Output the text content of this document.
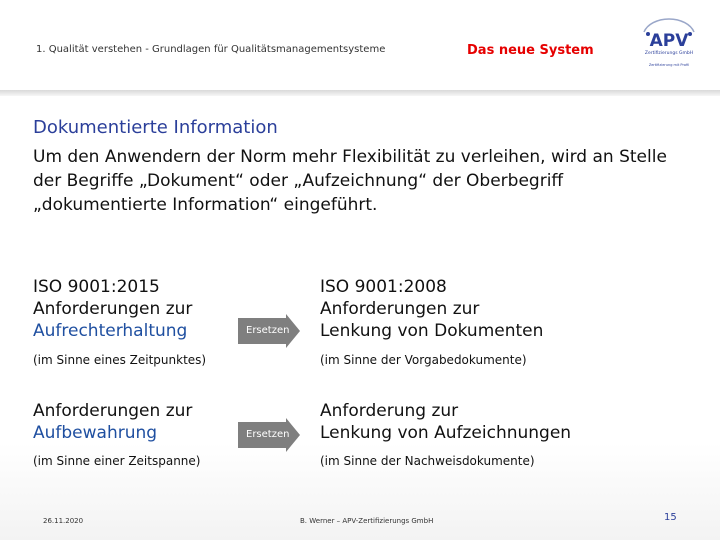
1. Qualität verstehen - Grundlagen für Qualitätsmanagementsysteme	Das neue System	APV
Zertifizierungs GmbH
Zertifizierung mit Profil
Dokumentierte Information
Um den Anwendern der Norm mehr Flexibilität zu verleihen, wird an Stelle der Begriffe „Dokument“ oder „Aufzeichnung“ der Oberbegriff „dokumentierte Information“ eingeführt.
ISO 9001:2015
Anforderungen zur
Aufrechterhaltung
(im Sinne eines Zeitpunktes)
Ersetzen
ISO 9001:2008
Anforderungen zur
Lenkung von Dokumenten
(im Sinne der Vorgabedokumente)
Anforderungen zur
Aufbewahrung
(im Sinne einer Zeitspanne)
Ersetzen
Anforderung zur
Lenkung von Aufzeichnungen
(im Sinne der Nachweisdokumente)
26.11.2020	B. Werner – APV-Zertifizierungs GmbH	15
